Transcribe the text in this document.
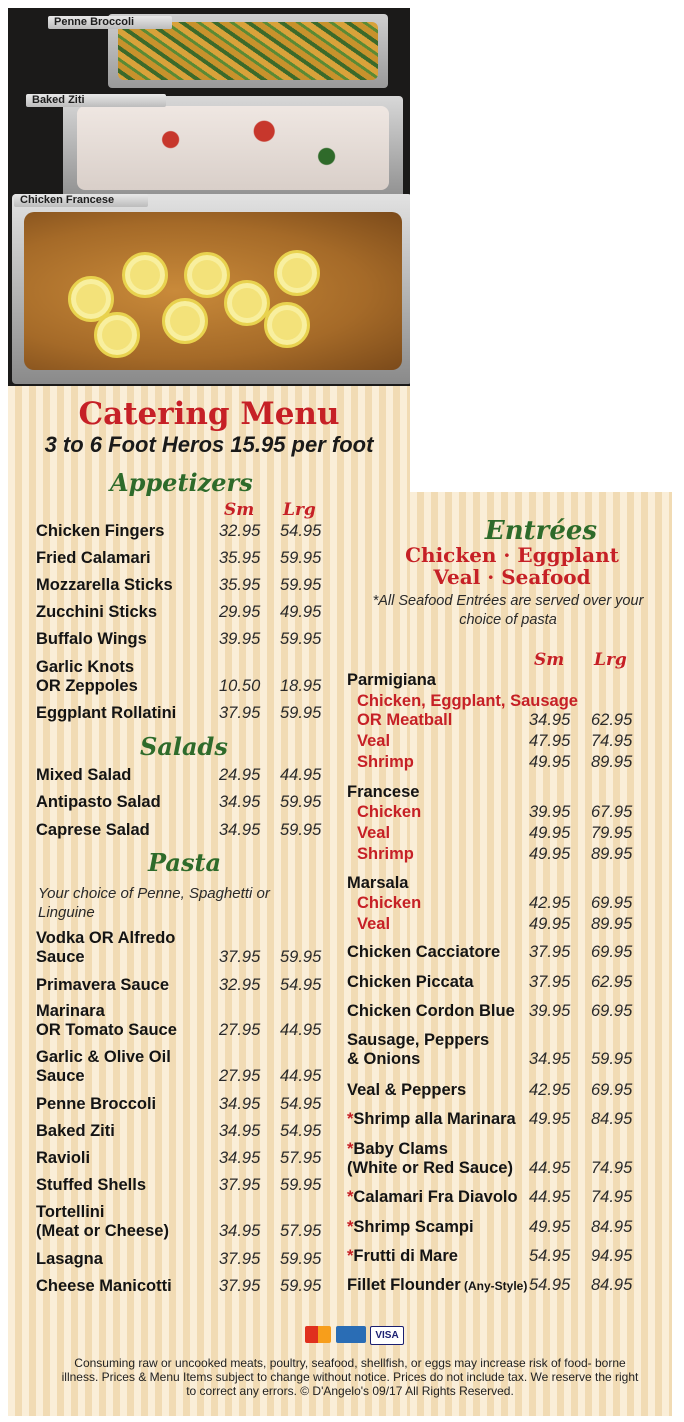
Penne Broccoli
Baked Ziti
Chicken Francese
Catering Menu
3 to 6 Foot Heros 15.95 per foot
Appetizers
Sm Lrg
Chicken Fingers	32.95 54.95
Fried Calamari	35.95 59.95
Mozzarella Sticks	35.95 59.95
Zucchini Sticks	29.95 49.95
Buffalo Wings	39.95 59.95
Garlic Knots
OR Zeppoles	10.50 18.95
Eggplant Rollatini	37.95 59.95
Salads
Mixed Salad	24.95 44.95
Antipasto Salad	34.95 59.95
Caprese Salad	34.95 59.95
Pasta
Your choice of Penne, Spaghetti or
Linguine
Vodka OR Alfredo
Sauce	37.95 59.95
Primavera Sauce	32.95 54.95
Marinara
OR Tomato Sauce	27.95 44.95
Garlic & Olive Oil
Sauce	27.95 44.95
Penne Broccoli	34.95 54.95
Baked Ziti	34.95 54.95
Ravioli	34.95 57.95
Stuffed Shells	37.95 59.95
Tortellini
(Meat or Cheese)	34.95 57.95
Lasagna	37.95 59.95
Cheese Manicotti	37.95 59.95
Entrées
Chicken · Eggplant
Veal · Seafood
*All Seafood Entrées are served over your
choice of pasta
Sm Lrg
Parmigiana
Chicken, Eggplant, Sausage
OR Meatball	34.95 62.95
Veal	47.95 74.95
Shrimp	49.95 89.95
Francese
Chicken	39.95 67.95
Veal	49.95 79.95
Shrimp	49.95 89.95
Marsala
Chicken	42.95 69.95
Veal	49.95 89.95
Chicken Cacciatore 37.95 69.95
Chicken Piccata	37.95 62.95
Chicken Cordon Blue 39.95 69.95
Sausage, Peppers
& Onions	34.95 59.95
Veal & Peppers	42.95 69.95
*Shrimp alla Marinara 49.95 84.95
*Baby Clams
(White or Red Sauce) 44.95 74.95
*Calamari Fra Diavolo 44.95 74.95
*Shrimp Scampi	49.95 84.95
*Frutti di Mare	54.95 94.95
Fillet Flounder (Any-Style) 54.95 84.95
VISA
Consuming raw or uncooked meats, poultry, seafood, shellfish, or eggs may increase risk of food- borne
illness. Prices & Menu Items subject to change without notice. Prices do not include tax. We reserve the right
to correct any errors. © D'Angelo's 09/17 All Rights Reserved.
